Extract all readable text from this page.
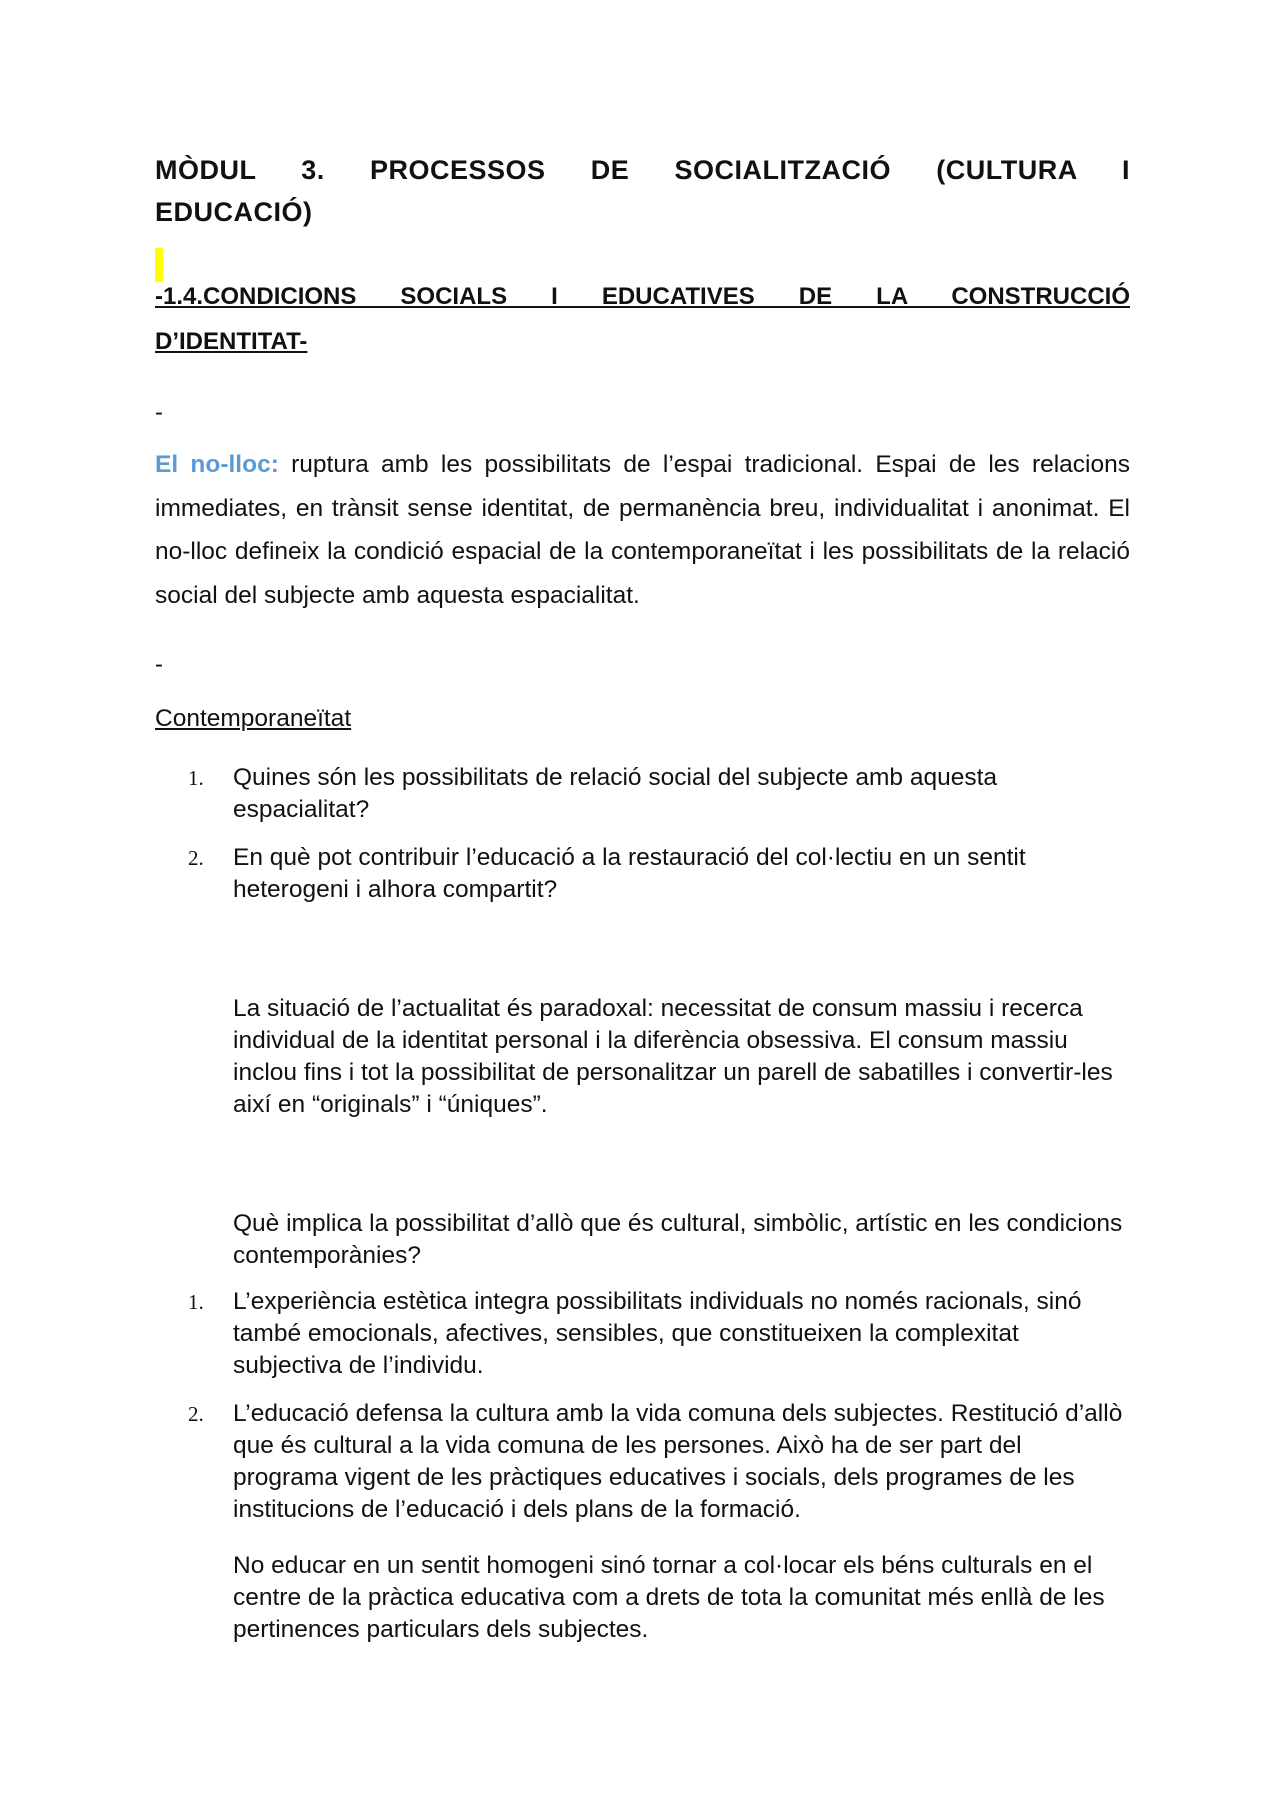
MÒDUL 3. PROCESSOS DE SOCIALITZACIÓ (CULTURA I
EDUCACIÓ)
-1.4.CONDICIONS SOCIALS I EDUCATIVES DE LA CONSTRUCCIÓ
D’IDENTITAT-
-
El no-lloc: ruptura amb les possibilitats de l’espai tradicional. Espai de les relacions immediates, en trànsit sense identitat, de permanència breu, individualitat i anonimat. El no-lloc defineix la condició espacial de la contemporaneïtat i les possibilitats de la relació social del subjecte amb aquesta espacialitat.
-
Contemporaneïtat
1.	Quines són les possibilitats de relació social del subjecte amb aquesta espacialitat?
2.	En què pot contribuir l’educació a la restauració del col·lectiu en un sentit heterogeni i alhora compartit?
La situació de l’actualitat és paradoxal: necessitat de consum massiu i recerca individual de la identitat personal i la diferència obsessiva. El consum massiu inclou fins i tot la possibilitat de personalitzar un parell de sabatilles i convertir-les així en “originals” i “úniques”.
Què implica la possibilitat d’allò que és cultural, simbòlic, artístic en les condicions contemporànies?
1.	L’experiència estètica integra possibilitats individuals no només racionals, sinó també emocionals, afectives, sensibles, que constitueixen la complexitat subjectiva de l’individu.
2.	L’educació defensa la cultura amb la vida comuna dels subjectes. Restitució d’allò que és cultural a la vida comuna de les persones. Això ha de ser part del programa vigent de les pràctiques educatives i socials, dels programes de les institucions de l’educació i dels plans de la formació.
No educar en un sentit homogeni sinó tornar a col·locar els béns culturals en el centre de la pràctica educativa com a drets de tota la comunitat més enllà de les pertinences particulars dels subjectes.
